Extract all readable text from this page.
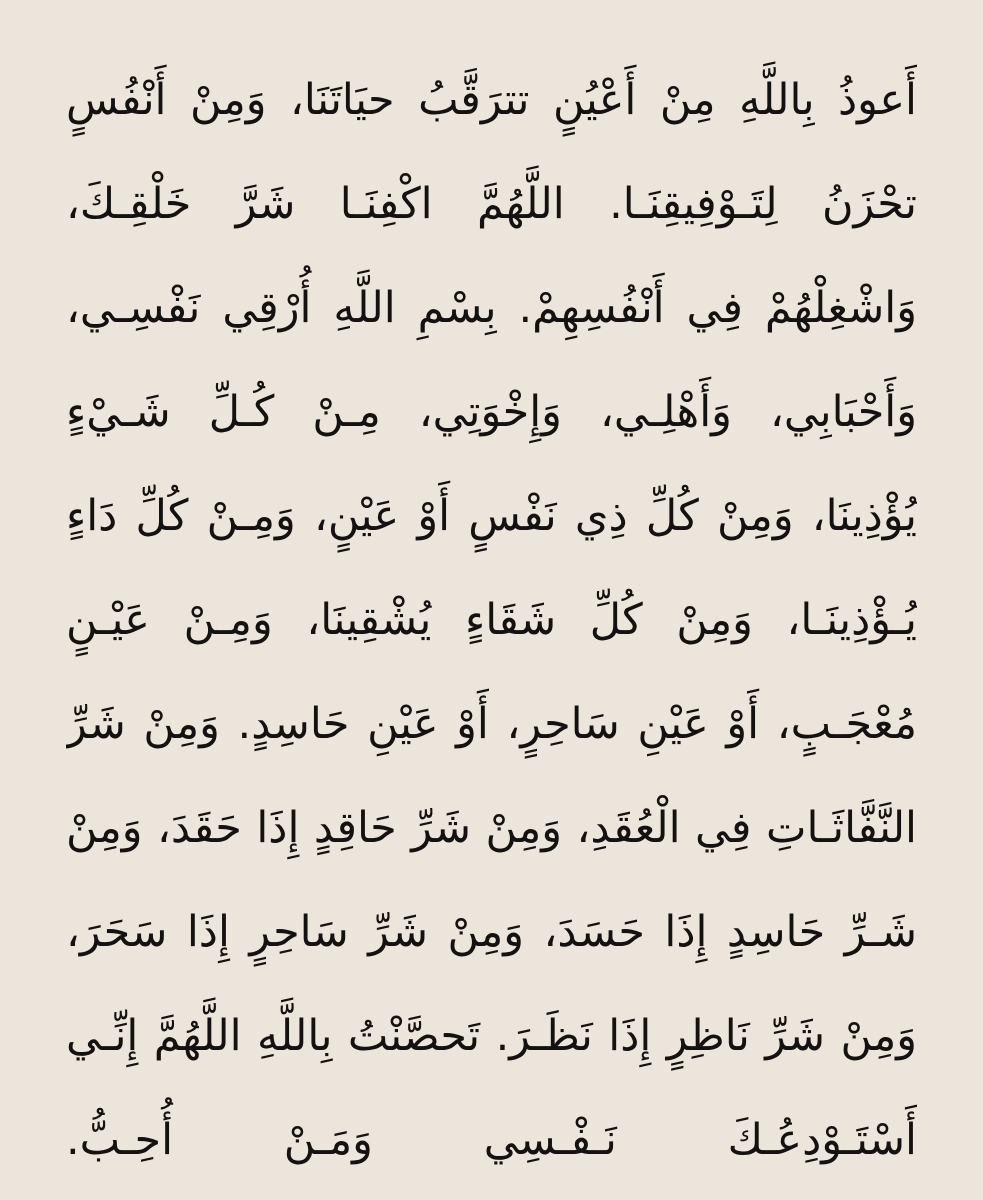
أَعوذُ بِاللَّهِ مِنْ أَعْيُنٍ تترَقَّبُ حيَاتَنَا، وَمِنْ أَنْفُسٍ
تحْزَنُ لِتَـوْفِيقِنَـا. اللَّهُمَّ اكْفِنَـا شَرَّ خَلْقِـكَ،
وَاشْغِلْهُمْ فِي أَنْفُسِهِمْ. بِسْمِ اللَّهِ أُرْقِي نَفْسِـي،
وَأَحْبَابِي، وَأَهْلِـي، وَإِخْوَتِي، مِـنْ كُـلِّ شَـيْءٍ
يُؤْذِينَا، وَمِنْ كُلِّ ذِي نَفْسٍ أَوْ عَيْنٍ، وَمِـنْ كُلِّ دَاءٍ
يُـؤْذِينَـا، وَمِنْ كُلِّ شَقَاءٍ يُشْقِينَا، وَمِـنْ عَيْـنٍ
مُعْجَـبٍ، أَوْ عَيْنِ سَاحِرٍ، أَوْ عَيْنِ حَاسِدٍ. وَمِنْ شَرِّ
النَّفَّاثَـاتِ فِي الْعُقَدِ، وَمِنْ شَرِّ حَاقِدٍ إِذَا حَقَدَ، وَمِنْ
شَـرِّ حَاسِدٍ إِذَا حَسَدَ، وَمِنْ شَرِّ سَاحِرٍ إِذَا سَحَرَ،
وَمِنْ شَرِّ نَاظِرٍ إِذَا نَظَـرَ. تَحصَّنْتُ بِاللَّهِ اللَّهُمَّ إِنِّـي
أَسْتَـوْدِعُـكَ نَـفْـسِي وَمَـنْ أُحِـبُّ.
